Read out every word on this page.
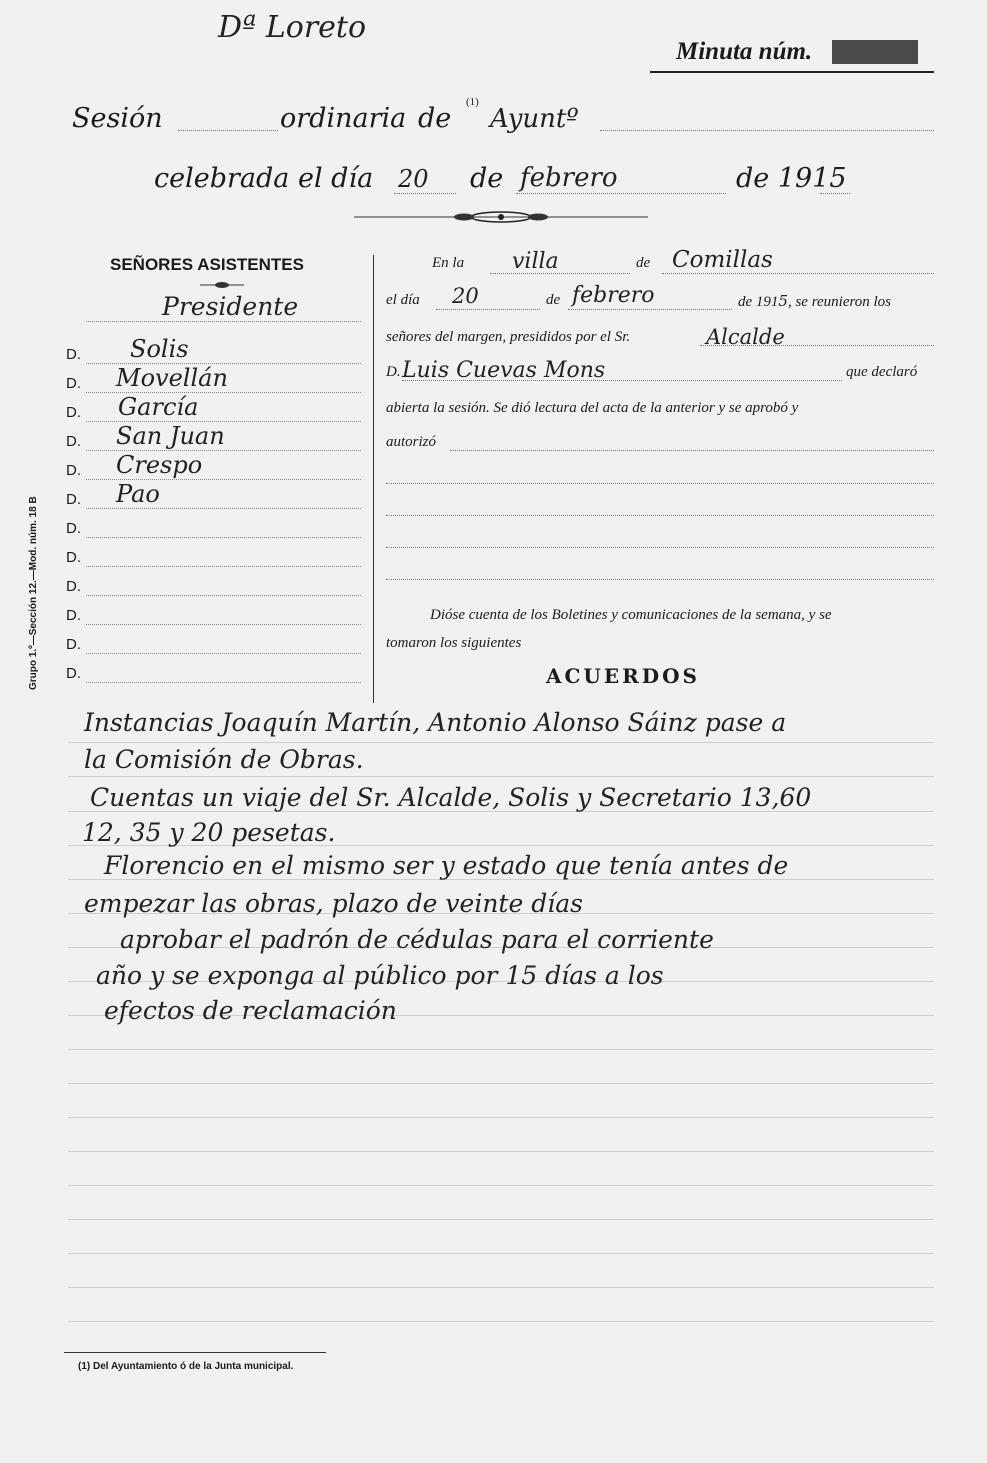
Dª Loreto
Minuta núm. ██████
Sesión	ordinaria de
(1)
Ayuntº
celebrada el día 20 de febrero	de 1915
SEÑORES ASISTENTES
Presidente
D. Solis
D. Movellán
D. García
D. San Juan
D. Crespo
D. Pao
D.
D.
D.
D.
D.
D.
En la villa	de Comillas
el día 20	de febrero	de 1915, se reunieron los
señores del margen, presididos por el Sr.	Alcalde
D. Luis Cuevas Mons	que declaró
abierta la sesión. Se dió lectura del acta de la anterior y se aprobó y
autorizó
Dióse cuenta de los Boletines y comunicaciones de la semana, y se
tomaron los siguientes
ACUERDOS
Grupo 1.º—Sección 12.—Mod. núm. 18 B
Instancias Joaquín Martín, Antonio Alonso Sáinz pase a
la Comisión de Obras.
Cuentas un viaje del Sr. Alcalde, Solis y Secretario 13,60
12, 35 y 20 pesetas.
Florencio en el mismo ser y estado que tenía antes de
empezar las obras, plazo de veinte días
aprobar el padrón de cédulas para el corriente
año y se exponga al público por 15 días a los
efectos de reclamación
(1) Del Ayuntamiento ó de la Junta municipal.
